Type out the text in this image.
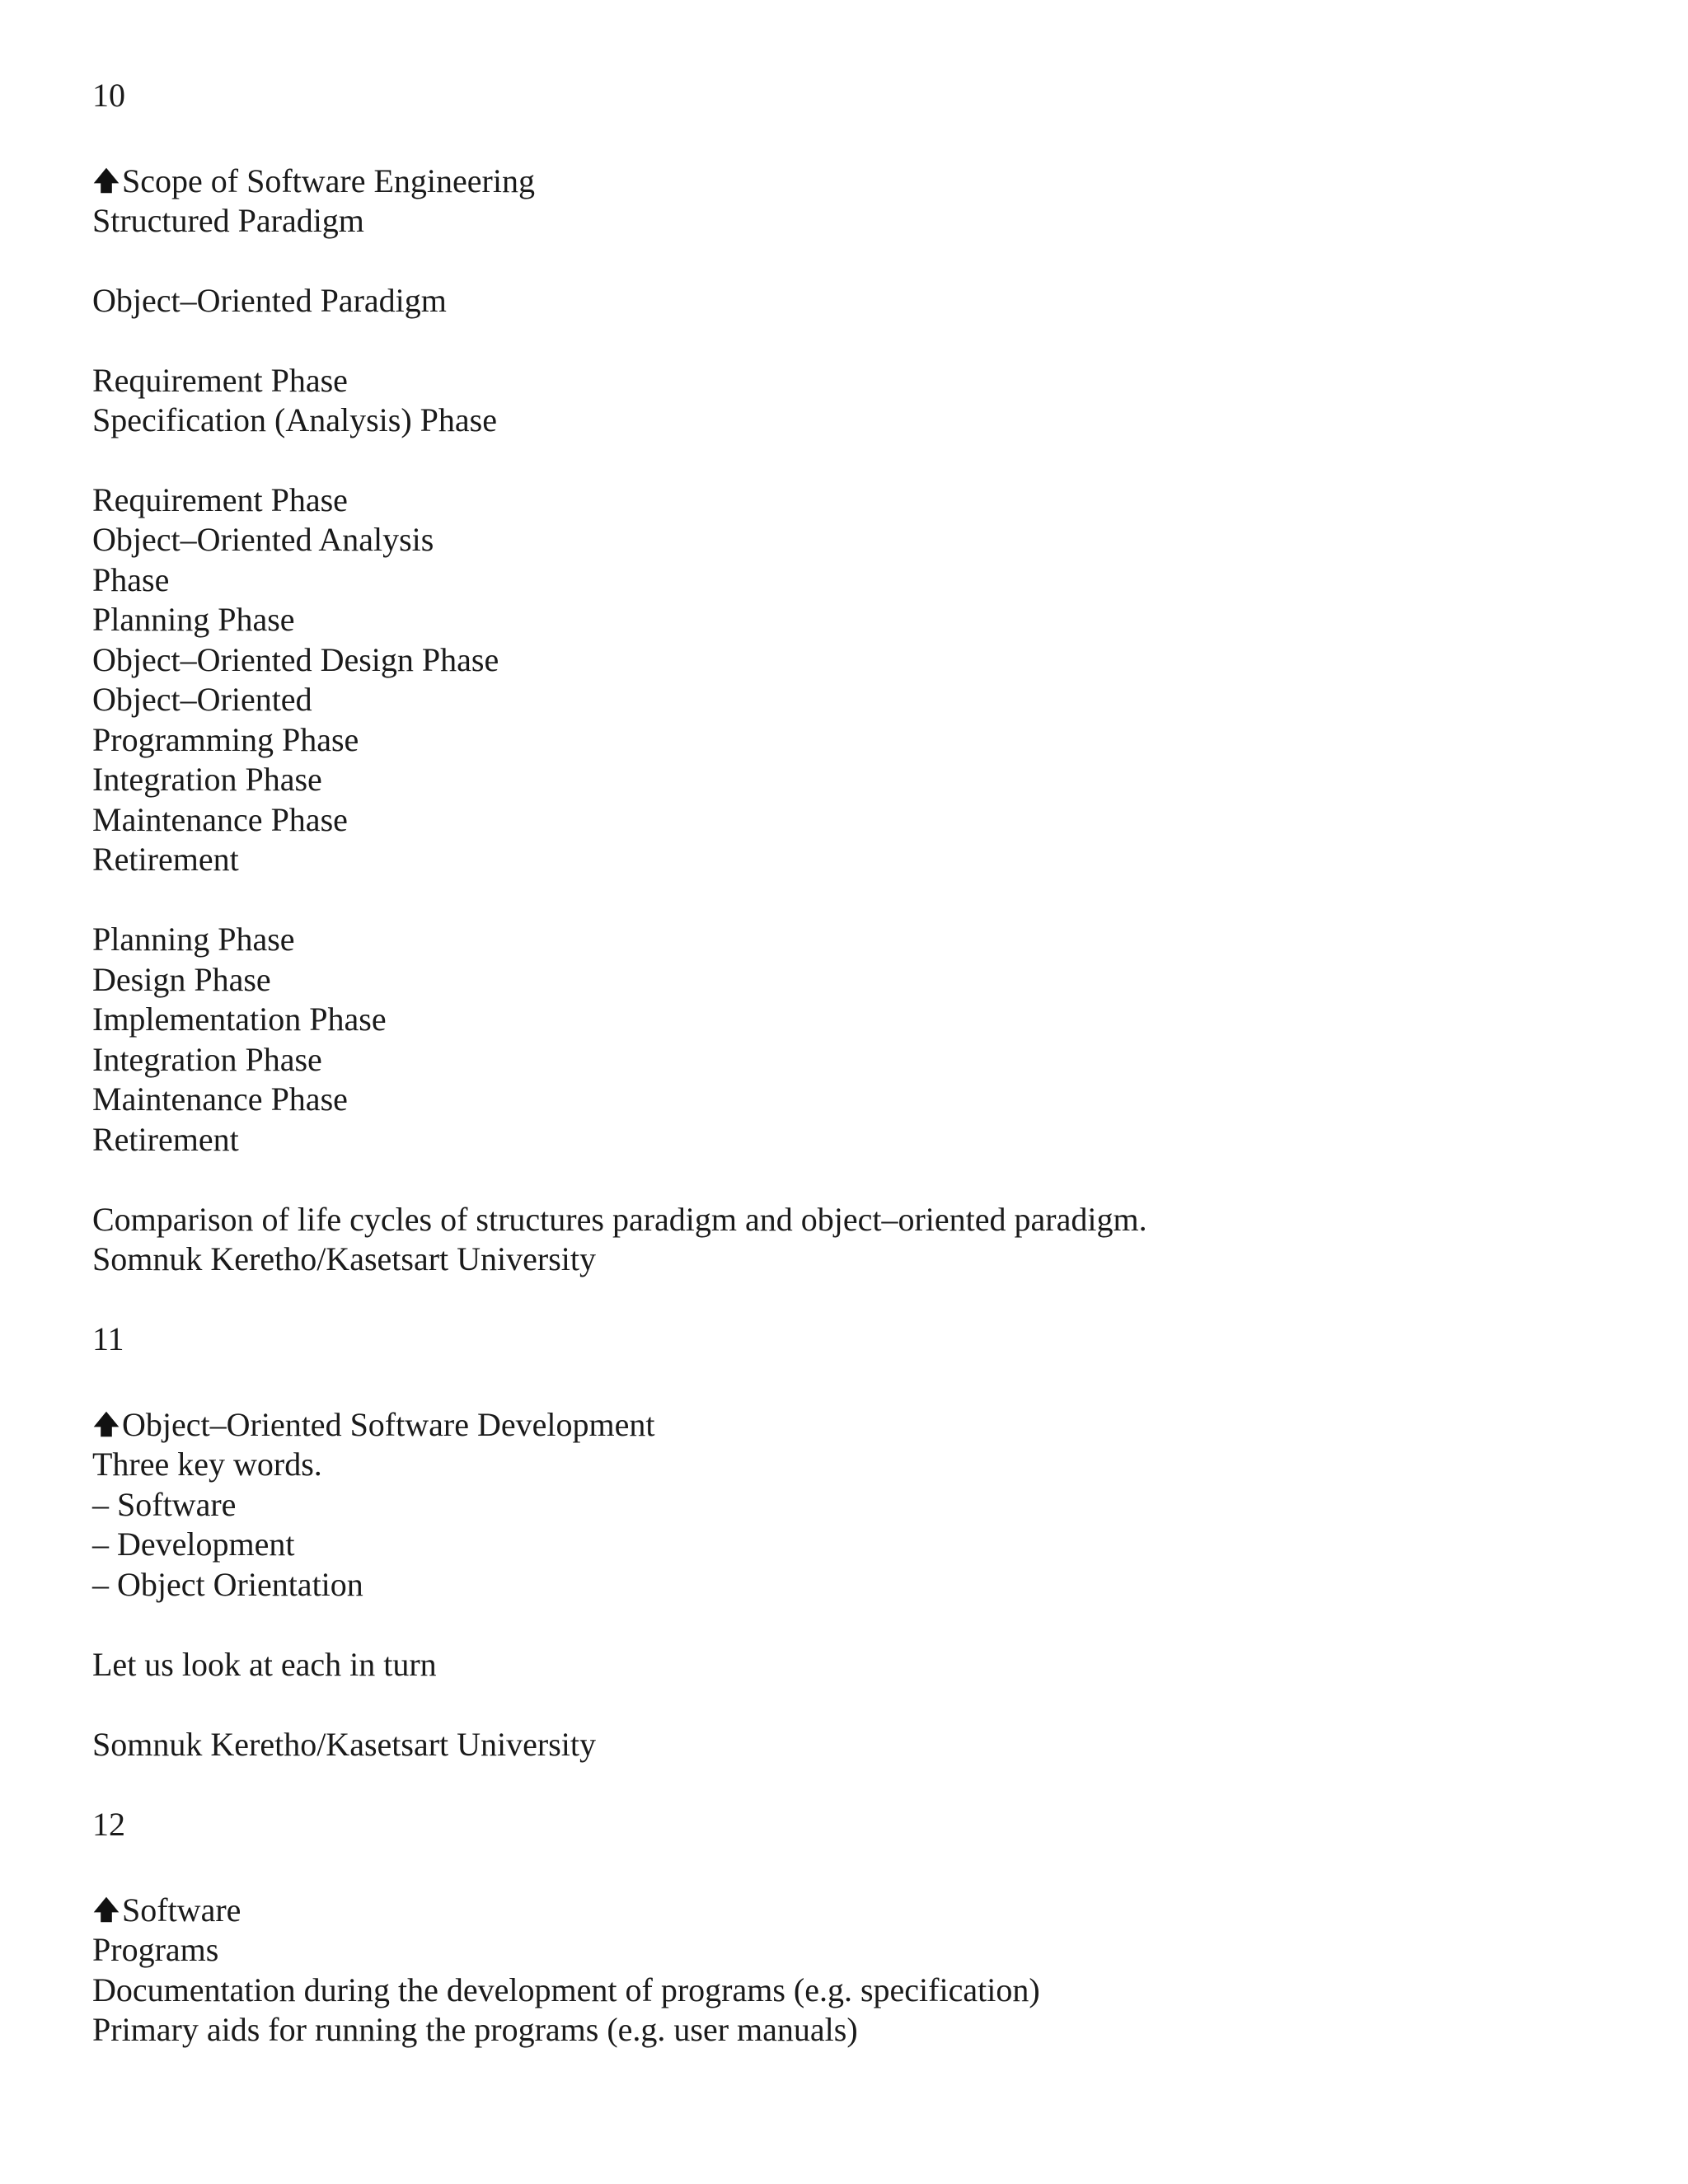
10
Scope of Software Engineering
Structured Paradigm
Object–Oriented Paradigm
Requirement Phase
Specification (Analysis) Phase
Requirement Phase
Object–Oriented Analysis
Phase
Planning Phase
Object–Oriented Design Phase
Object–Oriented
Programming Phase
Integration Phase
Maintenance Phase
Retirement
Planning Phase
Design Phase
Implementation Phase
Integration Phase
Maintenance Phase
Retirement
Comparison of life cycles of structures paradigm and object–oriented paradigm.
Somnuk Keretho/Kasetsart University
11
Object–Oriented Software Development
Three key words.
– Software
– Development
– Object Orientation
Let us look at each in turn
Somnuk Keretho/Kasetsart University
12
Software
Programs
Documentation during the development of programs (e.g. specification)
Primary aids for running the programs (e.g. user manuals)
